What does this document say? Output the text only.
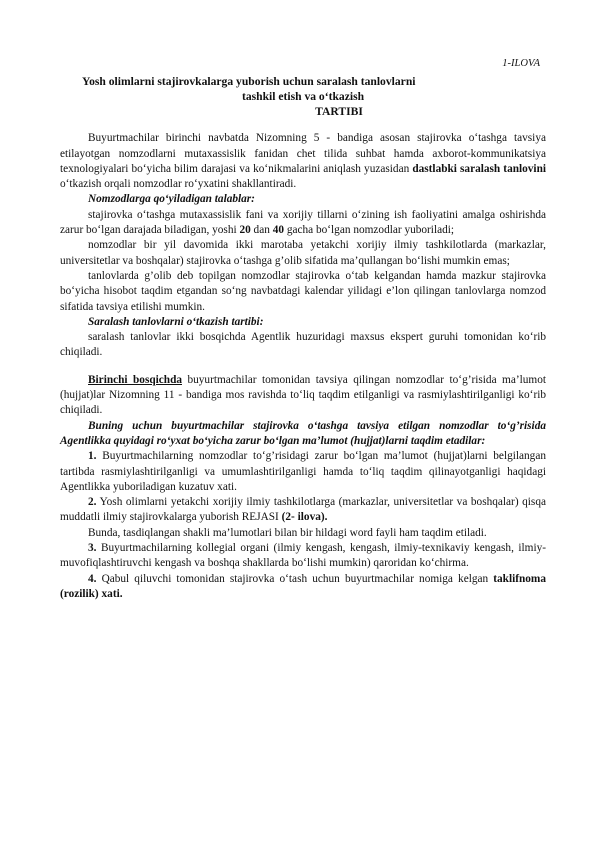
1-ILOVA
Yosh olimlarni stajirovkalarga yuborish uchun saralash tanlovlarni
tashkil etish va o‘tkazish
TARTIBI

Buyurtmachilar birinchi navbatda Nizomning 5 - bandiga asosan stajirovka o‘tashga tavsiya etilayotgan nomzodlarni mutaxassislik fanidan chet tilida suhbat hamda axborot-kommunikatsiya texnologiyalari bo‘yicha bilim darajasi va ko‘nikmalarini aniqlash yuzasidan dastlabki saralash tanlovini o‘tkazish orqali nomzodlar ro‘yxatini shakllantiradi.

Nomzodlarga qo‘yiladigan talablar:

stajirovka o‘tashga mutaxassislik fani va xorijiy tillarni o‘zining ish faoliyatini amalga oshirishda zarur bo‘lgan darajada biladigan, yoshi 20 dan 40 gacha bo‘lgan nomzodlar yuboriladi;

nomzodlar bir yil davomida ikki marotaba yetakchi xorijiy ilmiy tashkilotlarda (markazlar, universitetlar va boshqalar) stajirovka o‘tashga g’olib sifatida ma’qullangan bo‘lishi mumkin emas;

tanlovlarda g’olib deb topilgan nomzodlar stajirovka o‘tab kelgandan hamda mazkur stajirovka bo‘yicha hisobot taqdim etgandan so‘ng navbatdagi kalendar yilidagi e’lon qilingan tanlovlarga nomzod sifatida tavsiya etilishi mumkin.

Saralash tanlovlarni o‘tkazish tartibi:

saralash tanlovlar ikki bosqichda Agentlik huzuridagi maxsus ekspert guruhi tomonidan ko‘rib chiqiladi.

Birinchi bosqichda buyurtmachilar tomonidan tavsiya qilingan nomzodlar to‘g’risida ma’lumot (hujjat)lar Nizomning 11 - bandiga mos ravishda to‘liq taqdim etilganligi va rasmiylashtirilganligi ko‘rib chiqiladi.

Buning uchun buyurtmachilar stajirovka o‘tashga tavsiya etilgan nomzodlar to‘g’risida Agentlikka quyidagi ro‘yxat bo‘yicha zarur bo‘lgan ma’lumot (hujjat)larni taqdim etadilar:

1. Buyurtmachilarning nomzodlar to‘g’risidagi zarur bo‘lgan ma’lumot (hujjat)larni belgilangan tartibda rasmiylashtirilganligi va umumlashtirilganligi hamda to‘liq taqdim qilinayotganligi haqidagi Agentlikka yuboriladigan kuzatuv xati.

2. Yosh olimlarni yetakchi xorijiy ilmiy tashkilotlarga (markazlar, universitetlar va boshqalar) qisqa muddatli ilmiy stajirovkalarga yuborish REJASI (2- ilova).

Bunda, tasdiqlangan shakli ma’lumotlari bilan bir hildagi word fayli ham taqdim etiladi.

3. Buyurtmachilarning kollegial organi (ilmiy kengash, kengash, ilmiy-texnikaviy kengash, ilmiy-muvofiqlashtiruvchi kengash va boshqa shakllarda bo‘lishi mumkin) qaroridan ko‘chirma.

4. Qabul qiluvchi tomonidan stajirovka o‘tash uchun buyurtmachilar nomiga kelgan taklifnoma (rozilik) xati.
